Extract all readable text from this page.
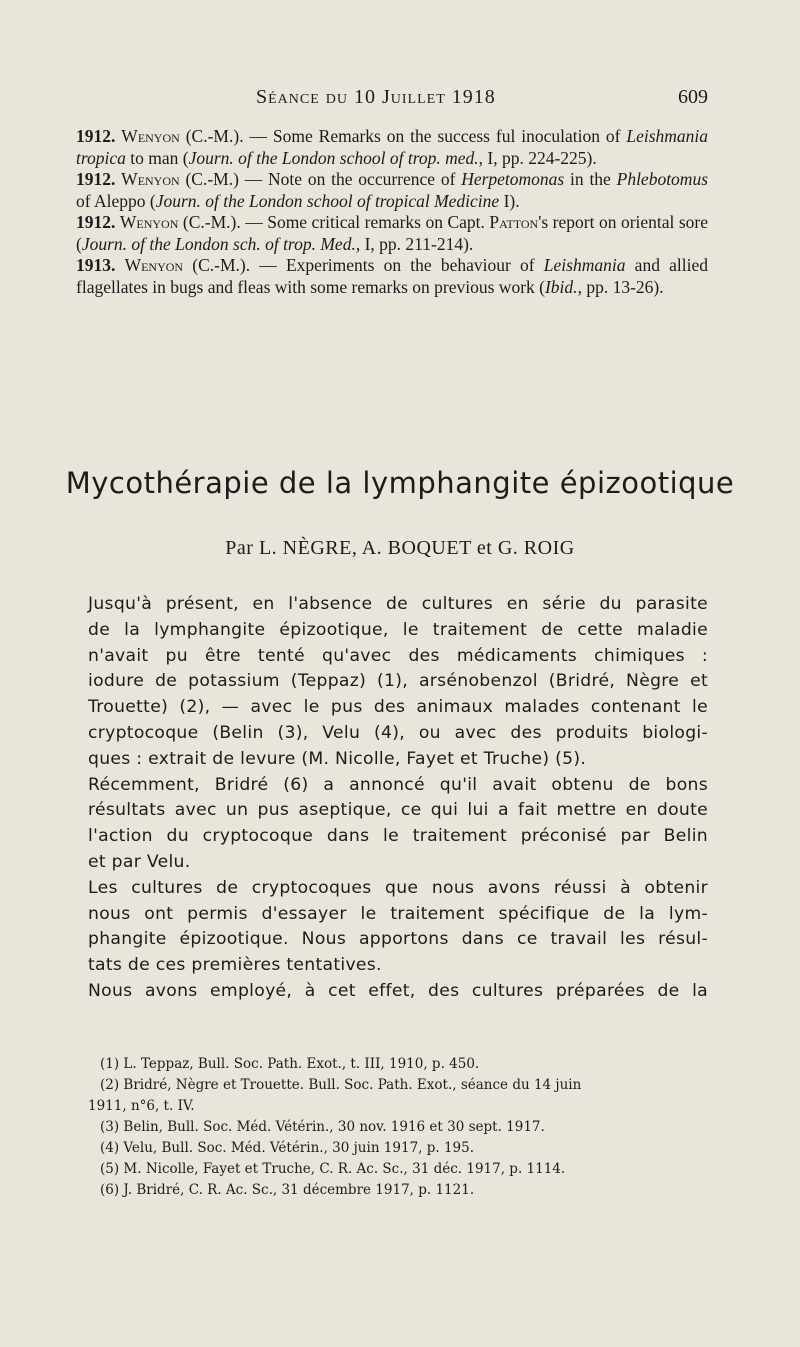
Séance du 10 Juillet 1918	609

1912. Wenyon (C.-M.). — Some Remarks on the success ful inoculation of Leishmania tropica to man (Journ. of the London school of trop. med., I, pp. 224-225).

1912. Wenyon (C.-M.) — Note on the occurrence of Herpetomonas in the Phlebotomus of Aleppo (Journ. of the London school of tropical Medicine I).

1912. Wenyon (C.-M.). — Some critical remarks on Capt. Patton's report on oriental sore (Journ. of the London sch. of trop. Med., I, pp. 211-214).

1913. Wenyon (C.-M.). — Experiments on the behaviour of Leishmania and allied flagellates in bugs and fleas with some remarks on previous work (Ibid., pp. 13-26).

Mycothérapie de la lymphangite épizootique
Par L. NÈGRE, A. BOQUET et G. ROIG

Jusqu'à présent, en l'absence de cultures en série du parasite
de la lymphangite épizootique, le traitement de cette maladie
n'avait pu être tenté qu'avec des médicaments chimiques :
iodure de potassium (Teppaz) (1), arsénobenzol (Bridré, Nègre et
Trouette) (2), — avec le pus des animaux malades contenant le
cryptocoque (Belin (3), Velu (4), ou avec des produits biologi-
ques : extrait de levure (M. Nicolle, Fayet et Truche) (5).

Récemment, Bridré (6) a annoncé qu'il avait obtenu de bons
résultats avec un pus aseptique, ce qui lui a fait mettre en doute
l'action du cryptocoque dans le traitement préconisé par Belin
et par Velu.

Les cultures de cryptocoques que nous avons réussi à obtenir
nous ont permis d'essayer le traitement spécifique de la lym-
phangite épizootique. Nous apportons dans ce travail les résul-
tats de ces premières tentatives.

Nous avons employé, à cet effet, des cultures préparées de la

(1) L. Teppaz, Bull. Soc. Path. Exot., t. III, 1910, p. 450.

(2) Bridré, Nègre et Trouette. Bull. Soc. Path. Exot., séance du 14 juin

1911, n°6, t. IV.

(3) Belin, Bull. Soc. Méd. Vétérin., 30 nov. 1916 et 30 sept. 1917.

(4) Velu, Bull. Soc. Méd. Vétérin., 30 juin 1917, p. 195.

(5) M. Nicolle, Fayet et Truche, C. R. Ac. Sc., 31 déc. 1917, p. 1114.

(6) J. Bridré, C. R. Ac. Sc., 31 décembre 1917, p. 1121.
